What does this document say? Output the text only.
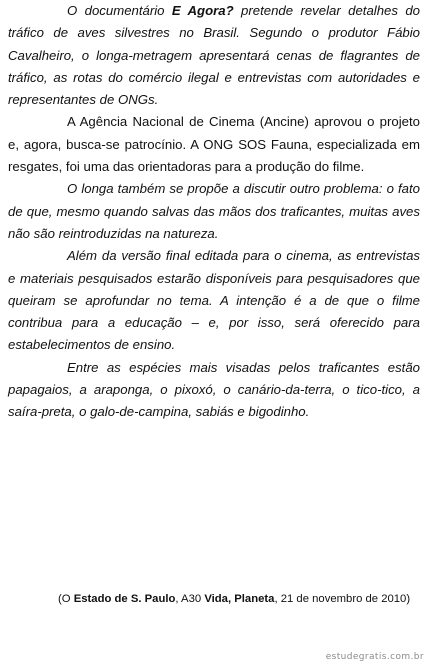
O documentário E Agora? pretende revelar detalhes do tráfico de aves silvestres no Brasil. Segundo o produtor Fábio Cavalheiro, o longa-metragem apresentará cenas de flagrantes de tráfico, as rotas do comércio ilegal e entrevistas com autoridades e representantes de ONGs.

A Agência Nacional de Cinema (Ancine) aprovou o projeto e, agora, busca-se patrocínio. A ONG SOS Fauna, especializada em resgates, foi uma das orientadoras para a produção do filme.

O longa também se propõe a discutir outro problema: o fato de que, mesmo quando salvas das mãos dos traficantes, muitas aves não são reintroduzidas na natureza.

Além da versão final editada para o cinema, as entrevistas e materiais pesquisados estarão disponíveis para pesquisadores que queiram se aprofundar no tema. A intenção é a de que o filme contribua para a educação – e, por isso, será oferecido para estabelecimentos de ensino.

Entre as espécies mais visadas pelos traficantes estão papagaios, a araponga, o pixoxó, o canário-da-terra, o tico-tico, a saíra-preta, o galo-de-campina, sabiás e bigodinho.

(O Estado de S. Paulo, A30 Vida, Planeta, 21 de novembro de 2010)

estudegratis.com.br
